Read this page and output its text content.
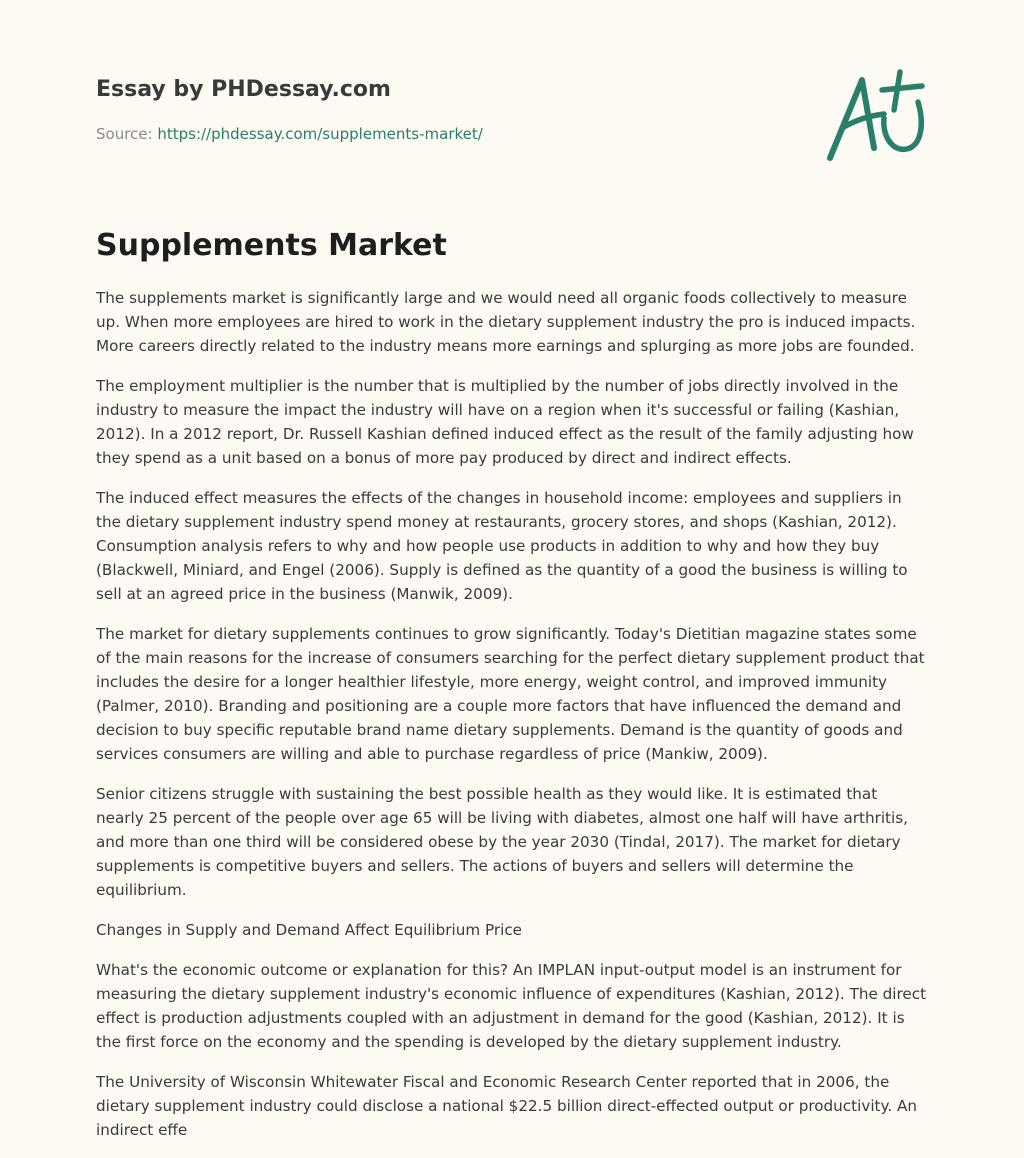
Essay by PHDessay.com
Source: https://phdessay.com/supplements-market/
Supplements Market

The supplements market is significantly large and we would need all organic foods collectively to measure up. When more employees are hired to work in the dietary supplement industry the pro is induced impacts. More careers directly related to the industry means more earnings and splurging as more jobs are founded.

The employment multiplier is the number that is multiplied by the number of jobs directly involved in the industry to measure the impact the industry will have on a region when it's successful or failing (Kashian, 2012). In a 2012 report, Dr. Russell Kashian defined induced effect as the result of the family adjusting how they spend as a unit based on a bonus of more pay produced by direct and indirect effects.

The induced effect measures the effects of the changes in household income: employees and suppliers in the dietary supplement industry spend money at restaurants, grocery stores, and shops (Kashian, 2012). Consumption analysis refers to why and how people use products in addition to why and how they buy (Blackwell, Miniard, and Engel (2006). Supply is defined as the quantity of a good the business is willing to sell at an agreed price in the business (Manwik, 2009).

The market for dietary supplements continues to grow significantly. Today's Dietitian magazine states some of the main reasons for the increase of consumers searching for the perfect dietary supplement product that includes the desire for a longer healthier lifestyle, more energy, weight control, and improved immunity (Palmer, 2010). Branding and positioning are a couple more factors that have influenced the demand and decision to buy specific reputable brand name dietary supplements. Demand is the quantity of goods and services consumers are willing and able to purchase regardless of price (Mankiw, 2009).

Senior citizens struggle with sustaining the best possible health as they would like. It is estimated that nearly 25 percent of the people over age 65 will be living with diabetes, almost one half will have arthritis, and more than one third will be considered obese by the year 2030 (Tindal, 2017). The market for dietary supplements is competitive buyers and sellers. The actions of buyers and sellers will determine the equilibrium.

Changes in Supply and Demand Affect Equilibrium Price

What's the economic outcome or explanation for this? An IMPLAN input-output model is an instrument for measuring the dietary supplement industry's economic influence of expenditures (Kashian, 2012). The direct effect is production adjustments coupled with an adjustment in demand for the good (Kashian, 2012). It is the first force on the economy and the spending is developed by the dietary supplement industry.

The University of Wisconsin Whitewater Fiscal and Economic Research Center reported that in 2006, the dietary supplement industry could disclose a national $22.5 billion direct-effected output or productivity. An indirect effe
